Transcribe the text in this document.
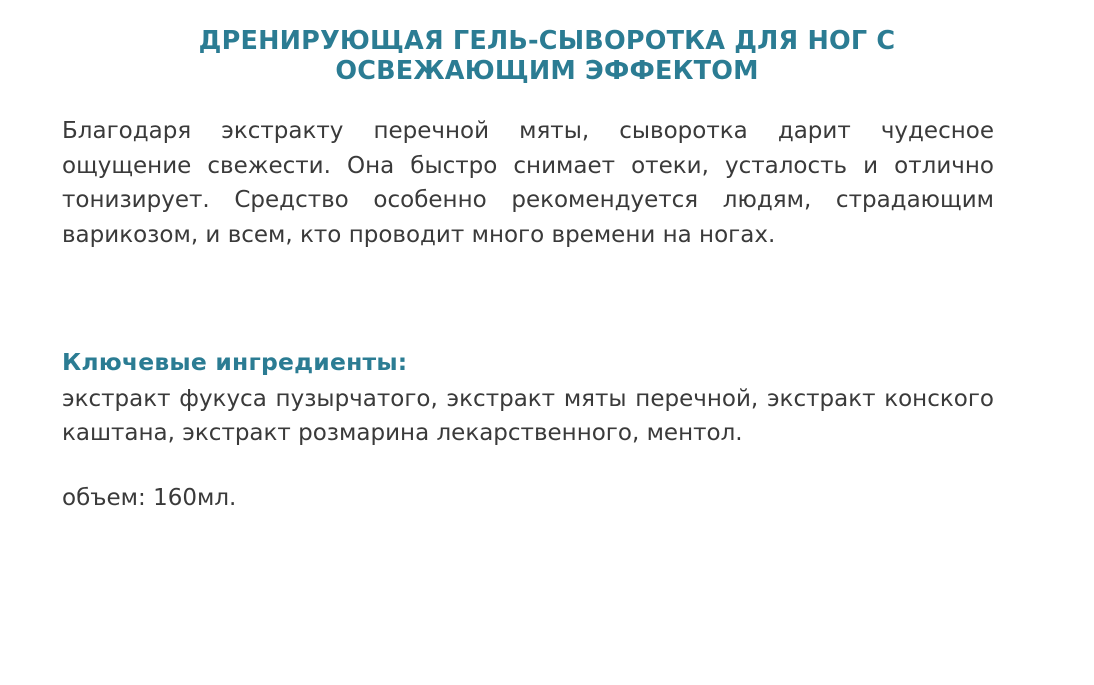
ДРЕНИРУЮЩАЯ ГЕЛЬ-СЫВОРОТКА ДЛЯ НОГ С ОСВЕЖАЮЩИМ ЭФФЕКТОМ

Благодаря экстракту перечной мяты, сыворотка дарит чудесное ощущение свежести. Она быстро снимает отеки, усталость и отлично тонизирует. Средство особенно рекомендуется людям, страдающим варикозом, и всем, кто проводит много времени на ногах.

Ключевые ингредиенты:
экстракт фукуса пузырчатого, экстракт мяты перечной, экстракт конского каштана, экстракт розмарина лекарственного, ментол.
объем: 160мл.
